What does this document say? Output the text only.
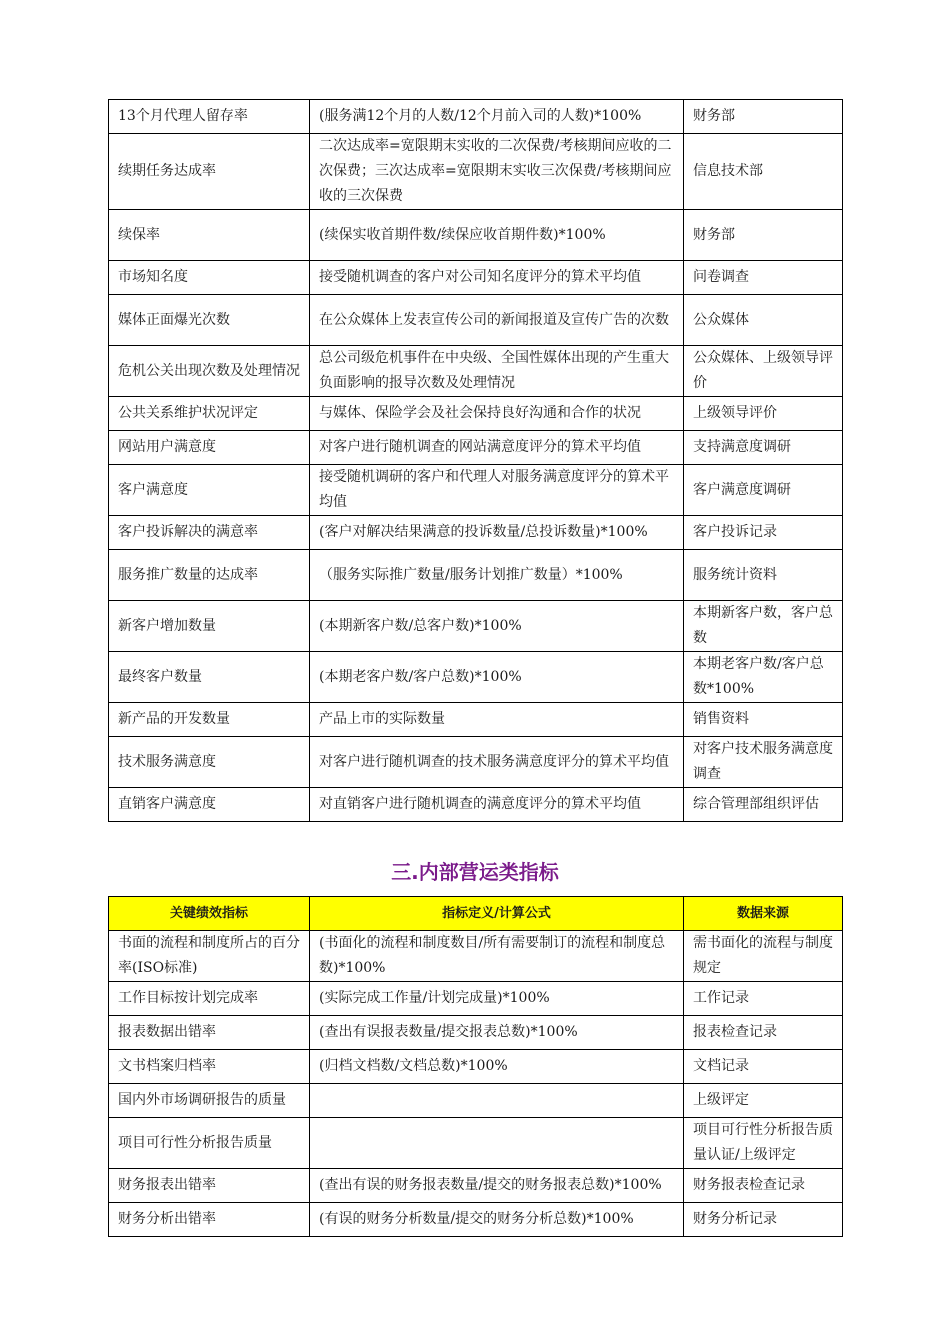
13个月代理人留存率	(服务满12个月的人数/12个月前入司的人数)*100%	财务部
续期任务达成率	二次达成率=宽限期末实收的二次保费/考核期间应收的二次保费；三次达成率=宽限期末实收三次保费/考核期间应收的三次保费	信息技术部
续保率	(续保实收首期件数/续保应收首期件数)*100%	财务部
市场知名度	接受随机调查的客户对公司知名度评分的算术平均值	问卷调查
媒体正面爆光次数	在公众媒体上发表宣传公司的新闻报道及宣传广告的次数	公众媒体
危机公关出现次数及处理情况	总公司级危机事件在中央级、全国性媒体出现的产生重大负面影响的报导次数及处理情况	公众媒体、上级领导评价
公共关系维护状况评定	与媒体、保险学会及社会保持良好沟通和合作的状况	上级领导评价
网站用户满意度	对客户进行随机调查的网站满意度评分的算术平均值	支持满意度调研
客户满意度	接受随机调研的客户和代理人对服务满意度评分的算术平均值	客户满意度调研
客户投诉解决的满意率	(客户对解决结果满意的投诉数量/总投诉数量)*100%	客户投诉记录
服务推广数量的达成率	（服务实际推广数量/服务计划推广数量）*100%	服务统计资料
新客户增加数量	(本期新客户数/总客户数)*100%	本期新客户数，客户总数
最终客户数量	(本期老客户数/客户总数)*100%	本期老客户数/客户总数*100%
新产品的开发数量	产品上市的实际数量	销售资料
技术服务满意度	对客户进行随机调查的技术服务满意度评分的算术平均值	对客户技术服务满意度调查
直销客户满意度	对直销客户进行随机调查的满意度评分的算术平均值	综合管理部组织评估
三.内部营运类指标
关键绩效指标	指标定义/计算公式	数据来源
书面的流程和制度所占的百分率(ISO标准)	(书面化的流程和制度数目/所有需要制订的流程和制度总数)*100%	需书面化的流程与制度规定
工作目标按计划完成率	(实际完成工作量/计划完成量)*100%	工作记录
报表数据出错率	(查出有误报表数量/提交报表总数)*100%	报表检查记录
文书档案归档率	(归档文档数/文档总数)*100%	文档记录
国内外市场调研报告的质量		上级评定
项目可行性分析报告质量		项目可行性分析报告质量认证/上级评定
财务报表出错率	(查出有误的财务报表数量/提交的财务报表总数)*100%	财务报表检查记录
财务分析出错率	(有误的财务分析数量/提交的财务分析总数)*100%	财务分析记录
